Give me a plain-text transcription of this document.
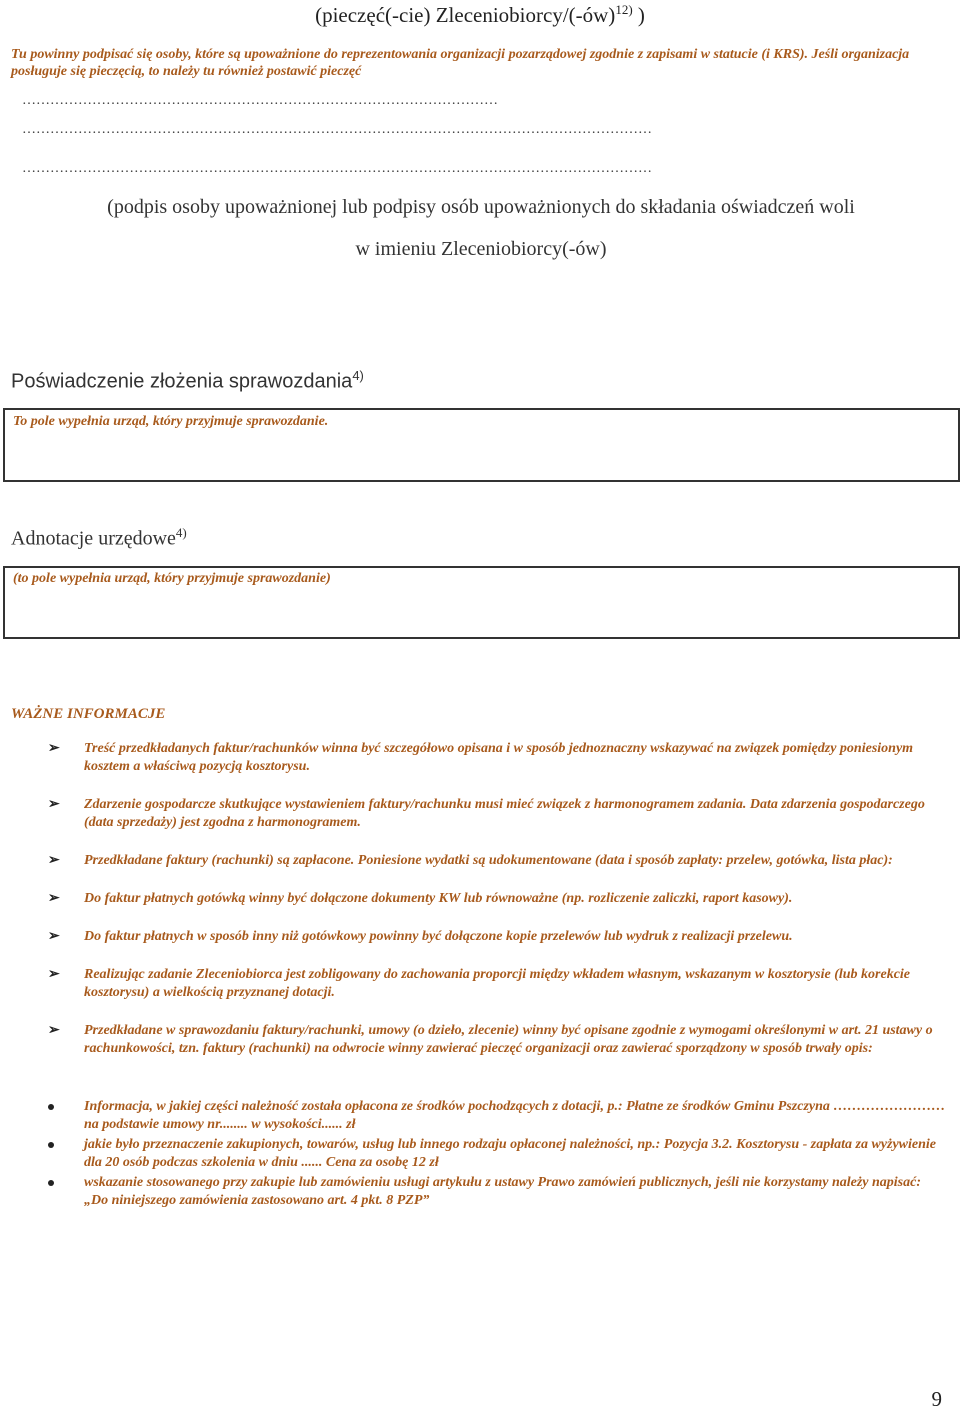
(pieczęć(-cie) Zleceniobiorcy/(-ów)$^{12)}$ )
Tu powinny podpisać się osoby, które są upoważnione do reprezentowania organizacji pozarządowej zgodnie z zapisami w statucie (i KRS). Jeśli organizacja posługuje się pieczęcią, to należy tu również postawić pieczęć
…………………………………………………………………………………………
………………………………………………………………………………………………………………………
………………………………………………………………………………………………………………………
(podpis osoby upoważnionej lub podpisy osób upoważnionych do składania oświadczeń woli
w imieniu Zleceniobiorcy(-ów)
Poświadczenie złożenia sprawozdania$^{4)}$
To pole wypełnia urząd, który przyjmuje sprawozdanie.
Adnotacje urzędowe$^{4)}$
(to pole wypełnia urząd, który przyjmuje sprawozdanie)
WAŻNE INFORMACJE
➢ Treść przedkładanych faktur/rachunków winna być szczegółowo opisana i w sposób jednoznaczny wskazywać na związek pomiędzy poniesionym kosztem a właściwą pozycją kosztorysu.
➢ Zdarzenie gospodarcze skutkujące wystawieniem faktury/rachunku musi mieć związek z harmonogramem zadania. Data zdarzenia gospodarczego (data sprzedaży) jest zgodna z harmonogramem.
➢ Przedkładane faktury (rachunki) są zapłacone. Poniesione wydatki są udokumentowane (data i sposób zapłaty: przelew, gotówka, lista płac):
➢ Do faktur płatnych gotówką winny być dołączone dokumenty KW lub równoważne (np. rozliczenie zaliczki, raport kasowy).
➢ Do faktur płatnych w sposób inny niż gotówkowy powinny być dołączone kopie przelewów lub wydruk z realizacji przelewu.
➢ Realizując zadanie Zleceniobiorca jest zobligowany do zachowania proporcji między wkładem własnym, wskazanym w kosztorysie (lub korekcie kosztorysu) a wielkością przyznanej dotacji.
➢ Przedkładane w sprawozdaniu faktury/rachunki, umowy (o dzieło, zlecenie) winny być opisane zgodnie z wymogami określonymi w art. 21 ustawy o rachunkowości, tzn. faktury (rachunki) na odwrocie winny zawierać pieczęć organizacji oraz zawierać sporządzony w sposób trwały opis:
Informacja, w jakiej części należność została opłacona ze środków pochodzących z dotacji, p.: Płatne ze środków Gminu Pszczyna …………………… na podstawie umowy nr........ w wysokości...... zł
jakie było przeznaczenie zakupionych, towarów, usług lub innego rodzaju opłaconej należności, np.: Pozycja 3.2. Kosztorysu - zapłata za wyżywienie dla 20 osób podczas szkolenia w dniu ...... Cena za osobę 12 zł
wskazanie stosowanego przy zakupie lub zamówieniu usługi artykułu z ustawy Prawo zamówień publicznych, jeśli nie korzystamy należy napisać: „Do niniejszego zamówienia zastosowano art. 4 pkt. 8 PZP”
9
